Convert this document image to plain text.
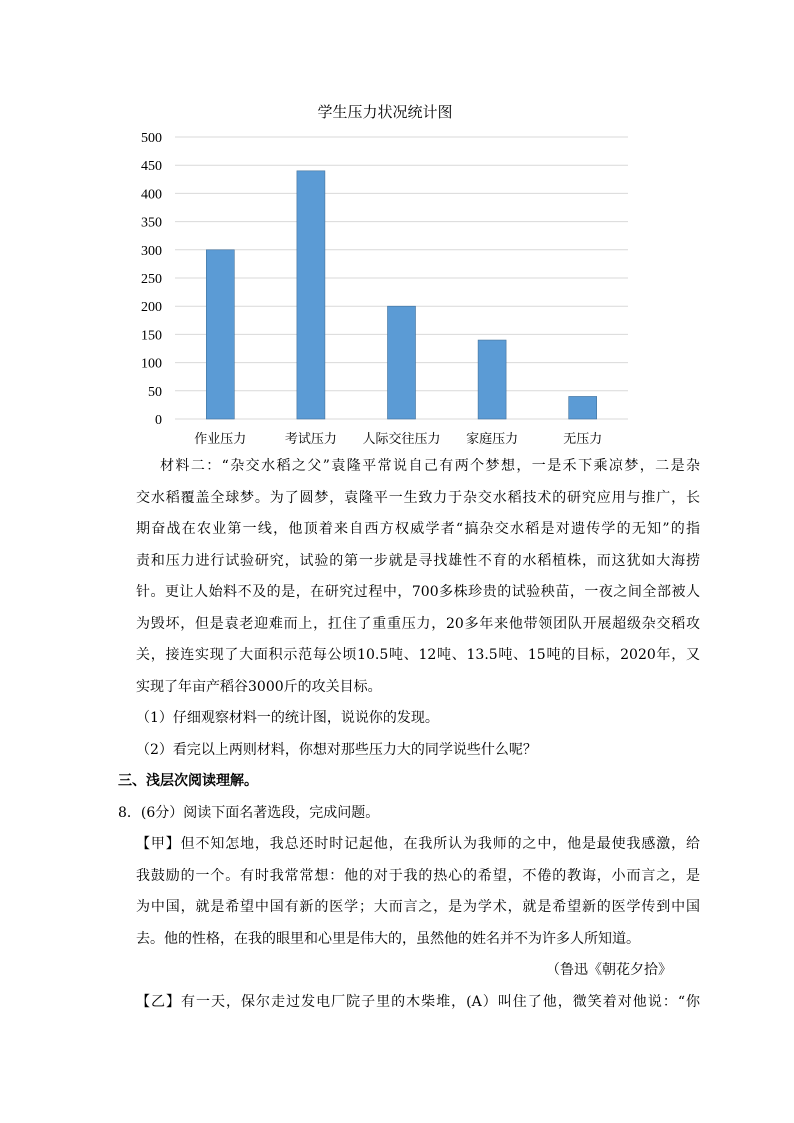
学生压力状况统计图
0
50
100
150
200
250
300
350
400
450
500
作业压力	考试压力 人际交往压力 家庭压力	无压力
材料二：“杂交水稻之父”袁隆平常说自己有两个梦想，一是禾下乘凉梦，二是杂
交水稻覆盖全球梦。为了圆梦，袁隆平一生致力于杂交水稻技术的研究应用与推广，长
期奋战在农业第一线，他顶着来自西方权威学者“搞杂交水稻是对遗传学的无知”的指
责和压力进行试验研究，试验的第一步就是寻找雄性不育的水稻植株，而这犹如大海捞
针。更让人始料不及的是，在研究过程中，700多株珍贵的试验秧苗，一夜之间全部被人
为毁坏，但是袁老迎难而上，扛住了重重压力，20多年来他带领团队开展超级杂交稻攻
关，接连实现了大面积示范每公顷10.5吨、12吨、13.5吨、15吨的目标，2020年，又
实现了年亩产稻谷3000斤的攻关目标。
（1）仔细观察材料一的统计图，说说你的发现。
（2）看完以上两则材料，你想对那些压力大的同学说些什么呢？
三、浅层次阅读理解。
8．(6分）阅读下面名著选段，完成问题。
【甲】但不知怎地，我总还时时记起他，在我所认为我师的之中，他是最使我感激，给
我鼓励的一个。有时我常常想：他的对于我的热心的希望，不倦的教诲，小而言之，是
为中国，就是希望中国有新的医学；大而言之，是为学术，就是希望新的医学传到中国
去。他的性格，在我的眼里和心里是伟大的，虽然他的姓名并不为许多人所知道。
（鲁迅《朝花夕拾》
【乙】有一天，保尔走过发电厂院子里的木柴堆，(A）叫住了他，微笑着对他说：“你
